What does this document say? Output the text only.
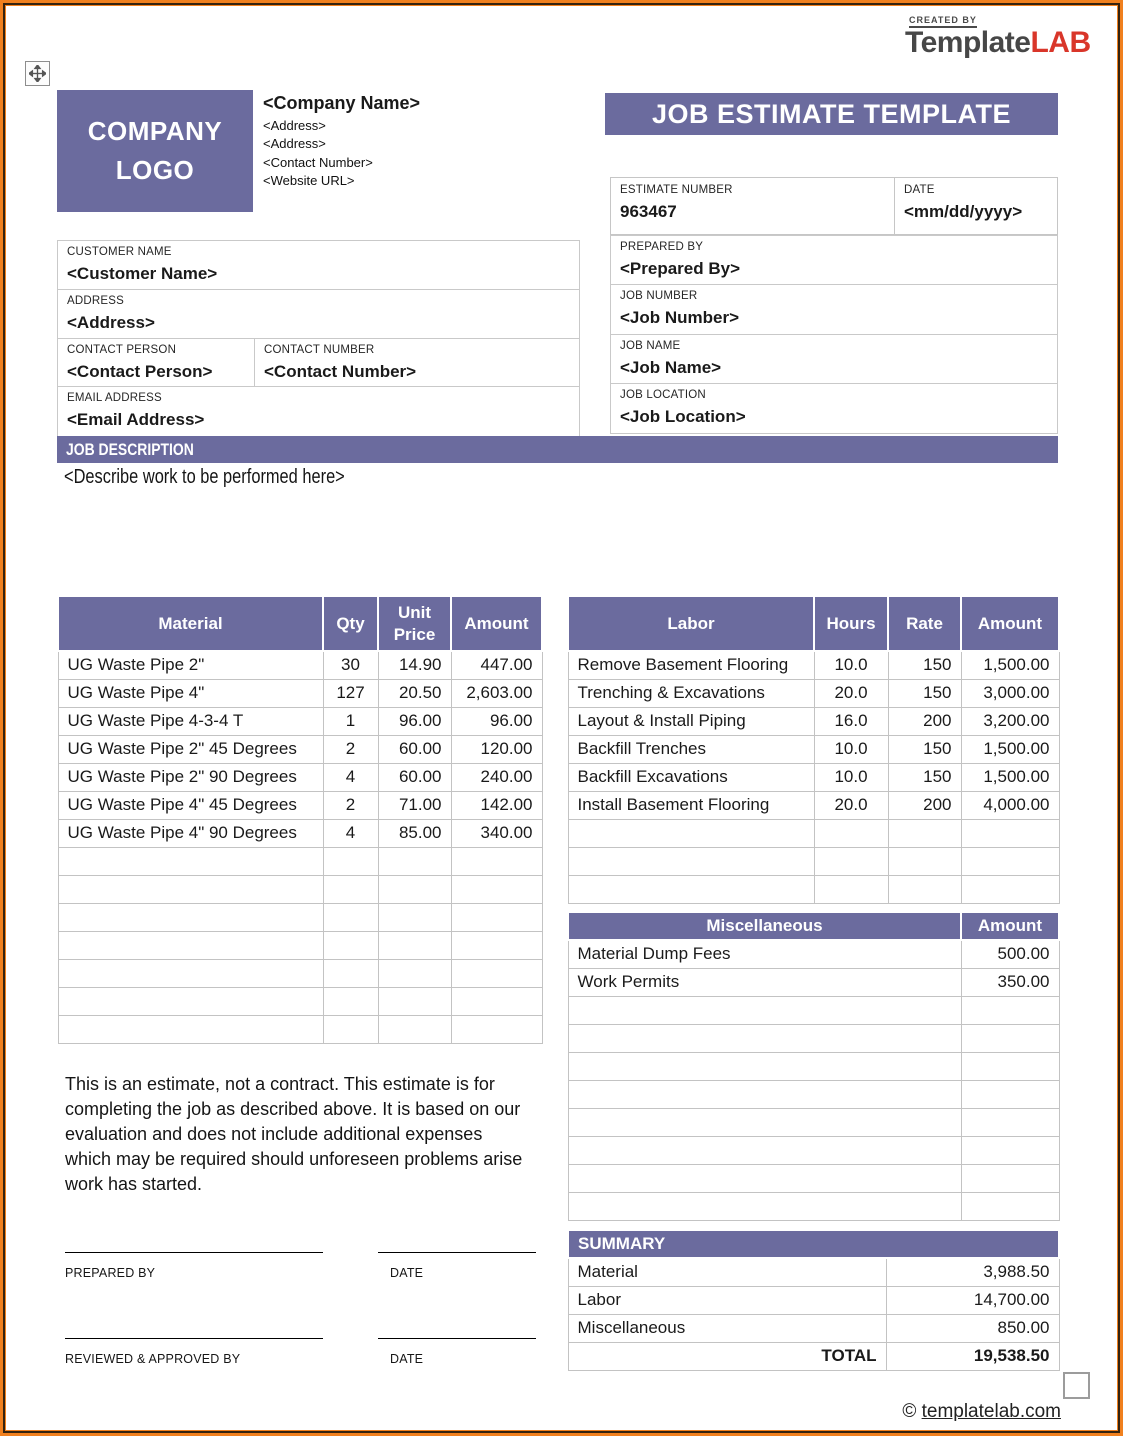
CREATED BY
TemplateLAB
COMPANY
LOGO
<Company Name>
<Address>
<Address>
<Contact Number>
<Website URL>
JOB ESTIMATE TEMPLATE
ESTIMATE NUMBER
963467
DATE
<mm/dd/yyyy>
CUSTOMER NAME
<Customer Name>
ADDRESS
<Address>
CONTACT PERSON
<Contact Person>
CONTACT NUMBER
<Contact Number>
EMAIL ADDRESS
<Email Address>
PREPARED BY
<Prepared By>
JOB NUMBER
<Job Number>
JOB NAME
<Job Name>
JOB LOCATION
<Job Location>
JOB DESCRIPTION
<Describe work to be performed here>
Material	Qty	Unit Price	Amount
UG Waste Pipe 2"	30	14.90	447.00
UG Waste Pipe 4"	127	20.50	2,603.00
UG Waste Pipe 4-3-4 T	1	96.00	96.00
UG Waste Pipe 2" 45 Degrees	2	60.00	120.00
UG Waste Pipe 2" 90 Degrees	4	60.00	240.00
UG Waste Pipe 4" 45 Degrees	2	71.00	142.00
UG Waste Pipe 4" 90 Degrees	4	85.00	340.00

Labor	Hours	Rate	Amount
Remove Basement Flooring	10.0	150	1,500.00
Trenching & Excavations	20.0	150	3,000.00
Layout & Install Piping	16.0	200	3,200.00
Backfill Trenches	10.0	150	1,500.00
Backfill Excavations	10.0	150	1,500.00
Install Basement Flooring	20.0	200	4,000.00

Miscellaneous	Amount
Material Dump Fees	500.00
Work Permits	350.00

SUMMARY	
Material	3,988.50
Labor	14,700.00
Miscellaneous	850.00
TOTAL	19,538.50
This is an estimate, not a contract. This estimate is for completing the job as described above. It is based on our evaluation and does not include additional expenses which may be required should unforeseen problems arise work has started.
PREPARED BY	DATE
REVIEWED & APPROVED BY	DATE
© templatelab.com
